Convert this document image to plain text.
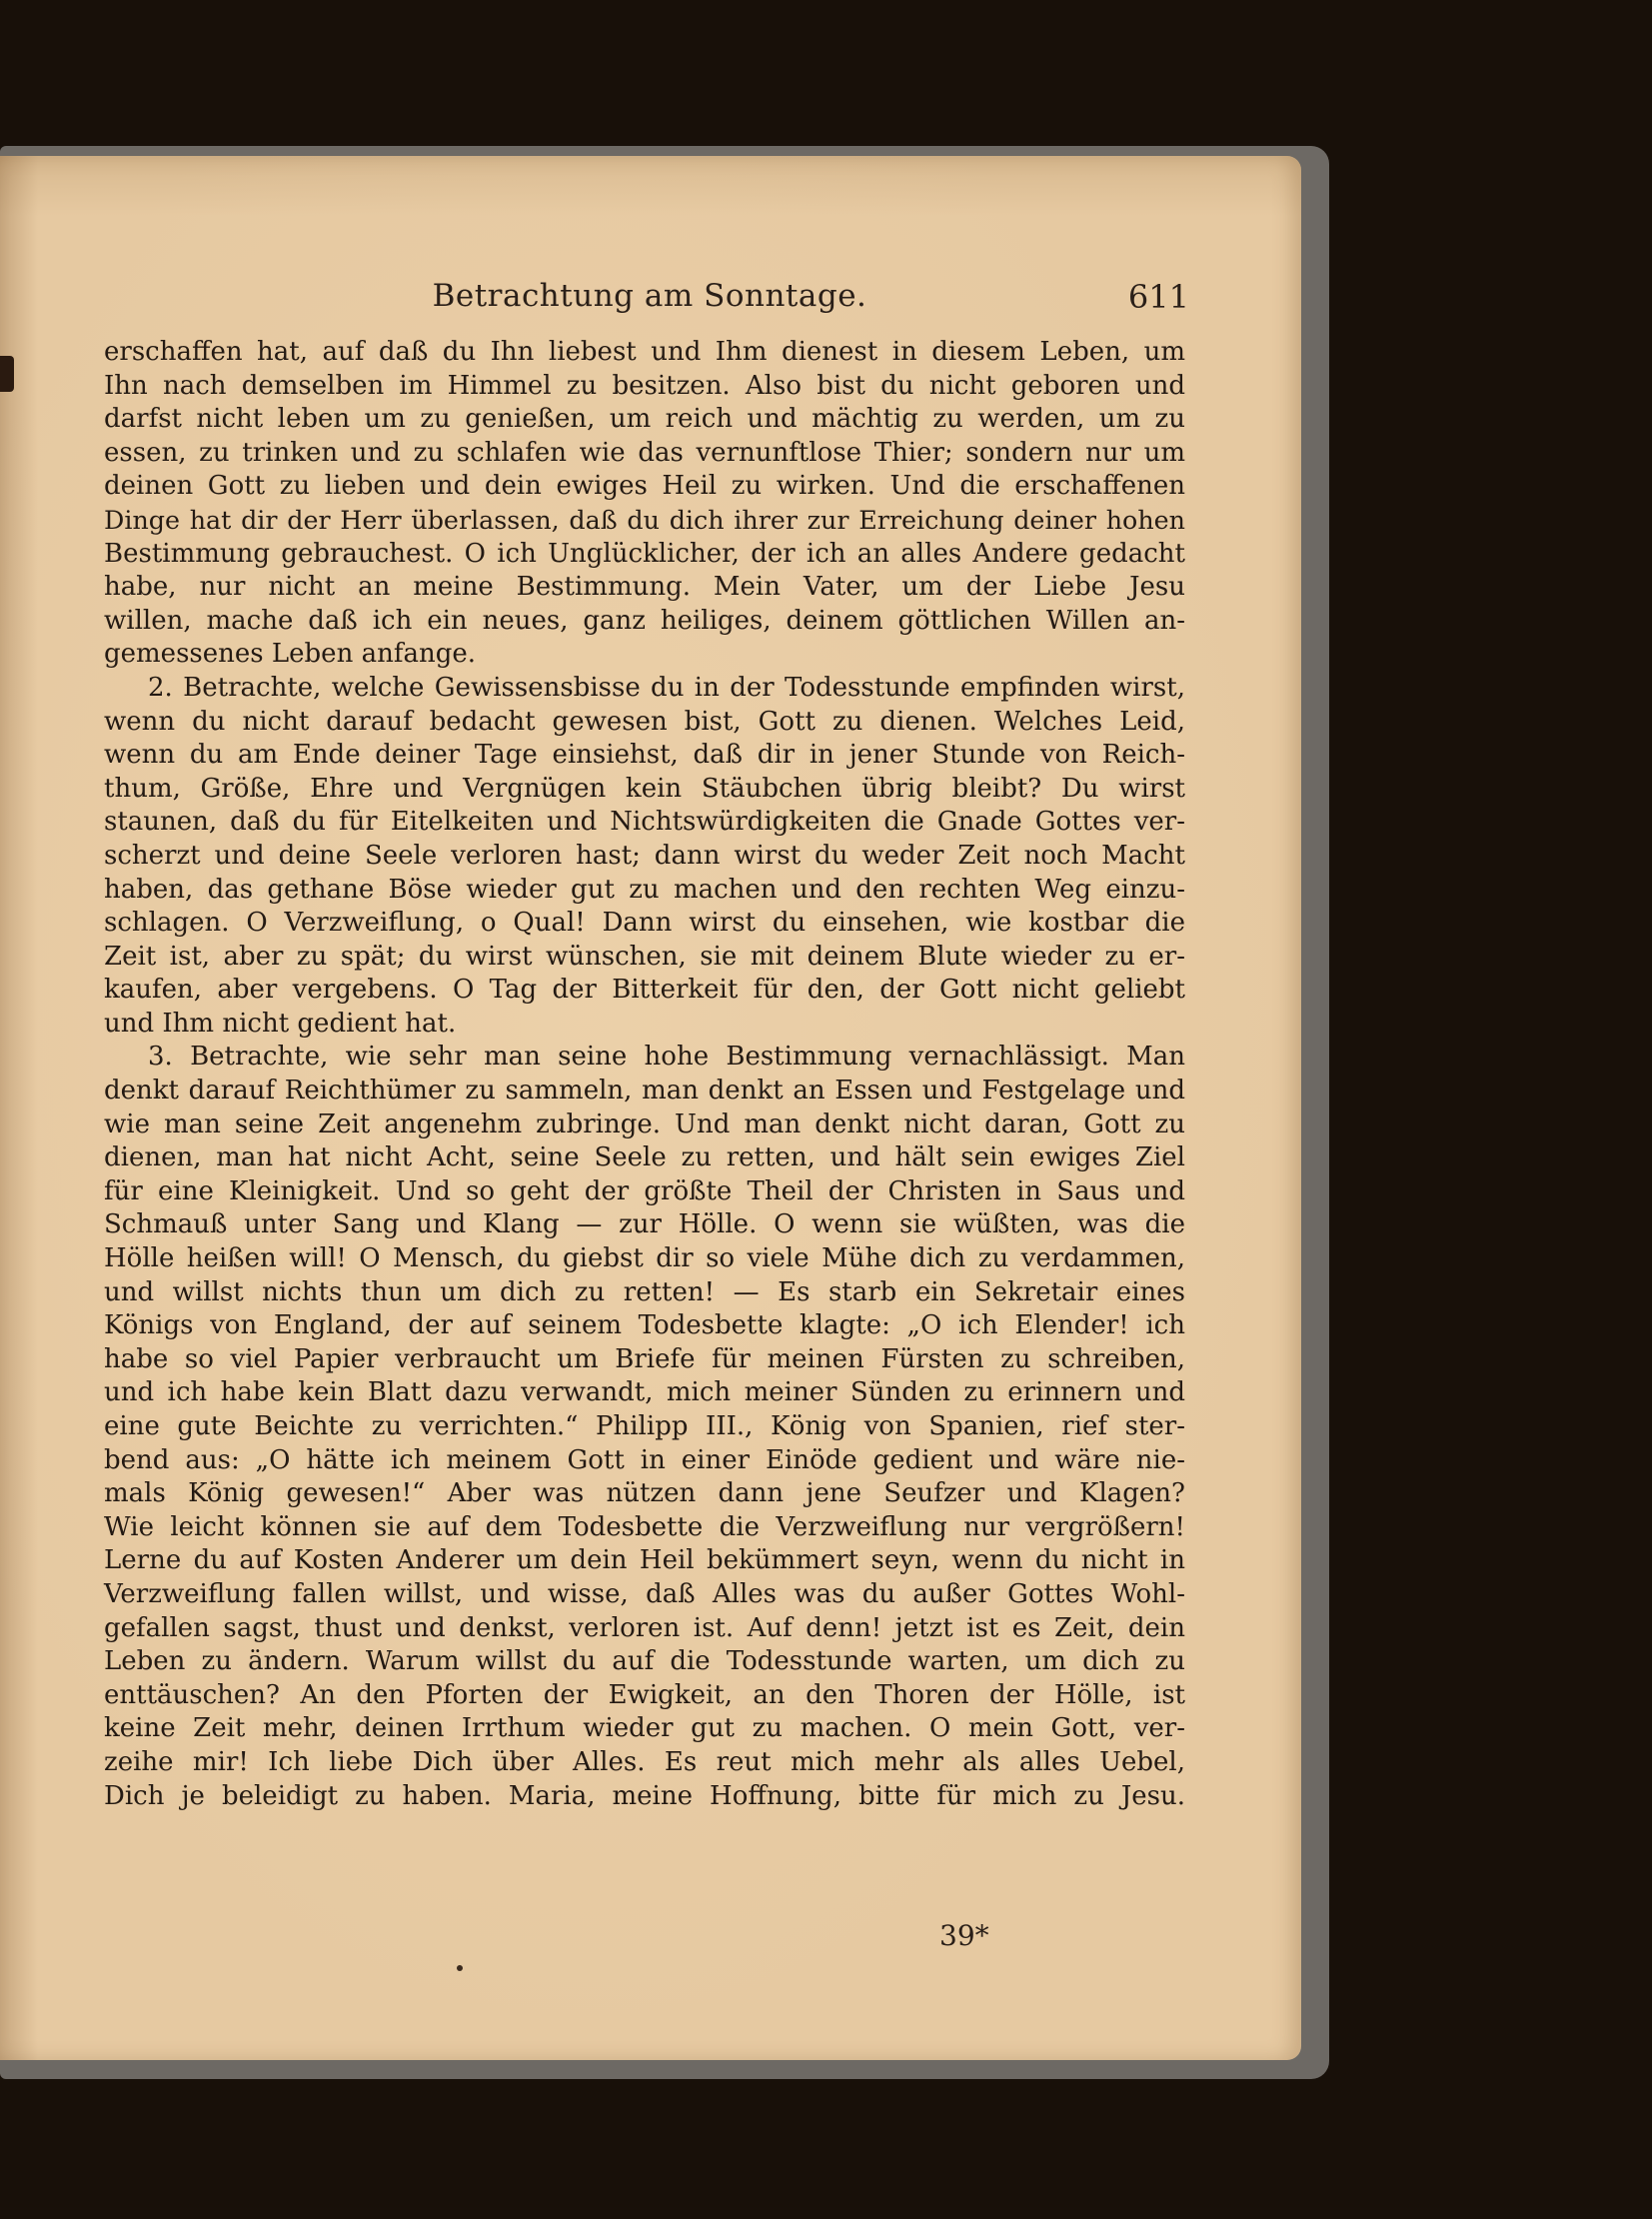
Betrachtung am Sonntage.	611

erschaffen hat, auf daß du Ihn liebest und Ihm dienest in diesem Leben, um
Ihn nach demselben im Himmel zu besitzen. Also bist du nicht geboren und
darfst nicht leben um zu genießen, um reich und mächtig zu werden, um zu
essen, zu trinken und zu schlafen wie das vernunftlose Thier; sondern nur um
deinen Gott zu lieben und dein ewiges Heil zu wirken. Und die erschaffenen
Dinge hat dir der Herr überlassen, daß du dich ihrer zur Erreichung deiner hohen
Bestimmung gebrauchest. O ich Unglücklicher, der ich an alles Andere gedacht
habe, nur nicht an meine Bestimmung. Mein Vater, um der Liebe Jesu
willen, mache daß ich ein neues, ganz heiliges, deinem göttlichen Willen an-
gemessenes Leben anfange.

2. Betrachte, welche Gewissensbisse du in der Todesstunde empfinden wirst,
wenn du nicht darauf bedacht gewesen bist, Gott zu dienen. Welches Leid,
wenn du am Ende deiner Tage einsiehst, daß dir in jener Stunde von Reich-
thum, Größe, Ehre und Vergnügen kein Stäubchen übrig bleibt? Du wirst
staunen, daß du für Eitelkeiten und Nichtswürdigkeiten die Gnade Gottes ver-
scherzt und deine Seele verloren hast; dann wirst du weder Zeit noch Macht
haben, das gethane Böse wieder gut zu machen und den rechten Weg einzu-
schlagen. O Verzweiflung, o Qual! Dann wirst du einsehen, wie kostbar die
Zeit ist, aber zu spät; du wirst wünschen, sie mit deinem Blute wieder zu er-
kaufen, aber vergebens. O Tag der Bitterkeit für den, der Gott nicht geliebt
und Ihm nicht gedient hat.

3. Betrachte, wie sehr man seine hohe Bestimmung vernachlässigt. Man
denkt darauf Reichthümer zu sammeln, man denkt an Essen und Festgelage und
wie man seine Zeit angenehm zubringe. Und man denkt nicht daran, Gott zu
dienen, man hat nicht Acht, seine Seele zu retten, und hält sein ewiges Ziel
für eine Kleinigkeit. Und so geht der größte Theil der Christen in Saus und
Schmauß unter Sang und Klang — zur Hölle. O wenn sie wüßten, was die
Hölle heißen will! O Mensch, du giebst dir so viele Mühe dich zu verdammen,
und willst nichts thun um dich zu retten! — Es starb ein Sekretair eines
Königs von England, der auf seinem Todesbette klagte: „O ich Elender! ich
habe so viel Papier verbraucht um Briefe für meinen Fürsten zu schreiben,
und ich habe kein Blatt dazu verwandt, mich meiner Sünden zu erinnern und
eine gute Beichte zu verrichten.“ Philipp III., König von Spanien, rief ster-
bend aus: „O hätte ich meinem Gott in einer Einöde gedient und wäre nie-
mals König gewesen!“ Aber was nützen dann jene Seufzer und Klagen?
Wie leicht können sie auf dem Todesbette die Verzweiflung nur vergrößern!
Lerne du auf Kosten Anderer um dein Heil bekümmert seyn, wenn du nicht in
Verzweiflung fallen willst, und wisse, daß Alles was du außer Gottes Wohl-
gefallen sagst, thust und denkst, verloren ist. Auf denn! jetzt ist es Zeit, dein
Leben zu ändern. Warum willst du auf die Todesstunde warten, um dich zu
enttäuschen? An den Pforten der Ewigkeit, an den Thoren der Hölle, ist
keine Zeit mehr, deinen Irrthum wieder gut zu machen. O mein Gott, ver-
zeihe mir! Ich liebe Dich über Alles. Es reut mich mehr als alles Uebel,
Dich je beleidigt zu haben. Maria, meine Hoffnung, bitte für mich zu Jesu.

39*
